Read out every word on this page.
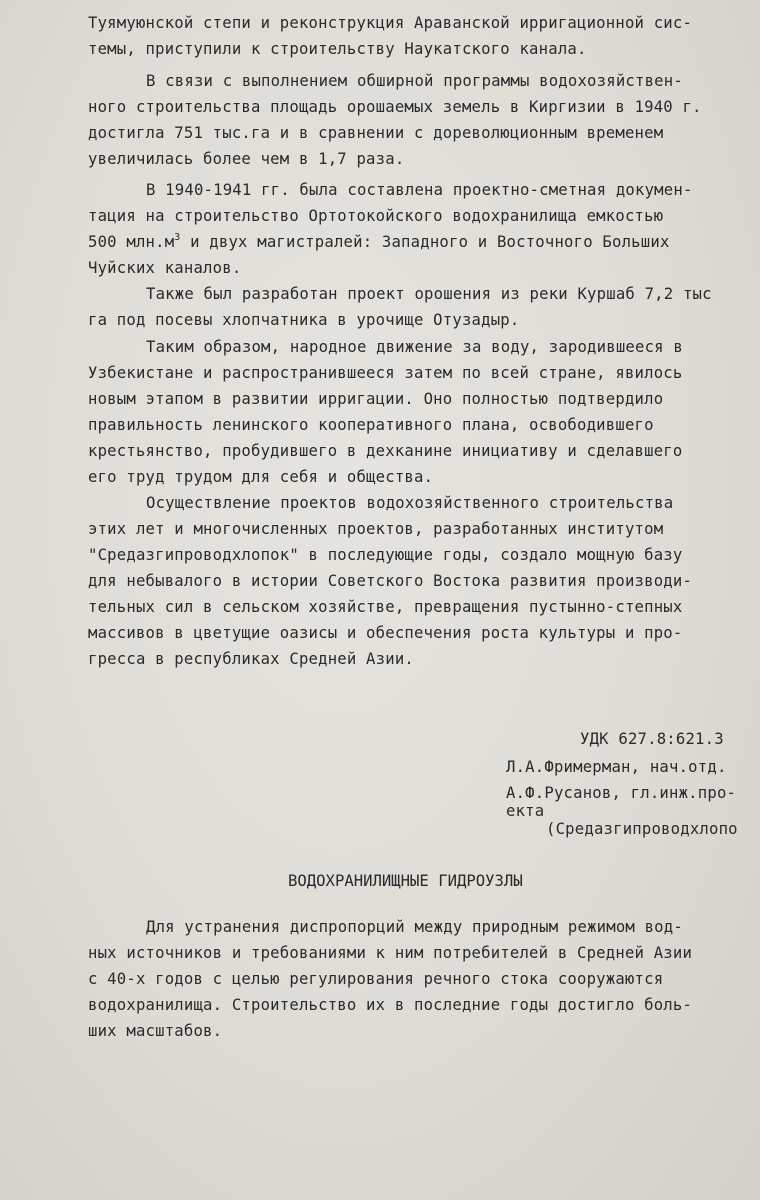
Туямуюнской степи и реконструкция Араванской ирригационной сис-

темы, приступили к строительству Наукатского канала.

В связи с выполнением обширной программы водохозяйствен-

ного строительства площадь орошаемых земель в Киргизии в 1940 г.

достигла 751 тыс.га и в сравнении с дореволюционным временем

увеличилась более чем в 1,7 раза.

В 1940-1941 гг. была составлена проектно-сметная докумен-

тация на строительство Ортотокойского водохранилища емкостью

500 $млн.м^3$ и двух магистралей: Западного и Восточного Больших

Чуйских каналов.

Также был разработан проект орошения из реки Куршаб 7,2 тыс

га под посевы хлопчатника в урочище Отузадыр.

Таким образом, народное движение за воду, зародившееся в

Узбекистане и распространившееся затем по всей стране, явилось

новым этапом в развитии ирригации. Оно полностью подтвердило

правильность ленинского кооперативного плана, освободившего

крестьянство, пробудившего в дехканине инициативу и сделавшего

его труд трудом для себя и общества.

Осуществление проектов водохозяйственного строительства

этих лет и многочисленных проектов, разработанных институтом

"Средазгипроводхлопок" в последующие годы, создало мощную базу

для небывалого в истории Советского Востока развития производи-

тельных сил в сельском хозяйстве, превращения пустынно-степных

массивов в цветущие оазисы и обеспечения роста культуры и про-

гресса в республиках Средней Азии.

УДК 627.8:621.3

Л.А.Фримерман, нач.отд.

А.Ф.Русанов, гл.инж.про-

екта

(Средазгипроводхлопо

ВОДОХРАНИЛИЩНЫЕ ГИДРОУЗЛЫ

Для устранения диспропорций между природным режимом вод-

ных источников и требованиями к ним потребителей в Средней Азии

с 40-х годов с целью регулирования речного стока сооружаются

водохранилища. Строительство их в последние годы достигло боль-

ших масштабов.
